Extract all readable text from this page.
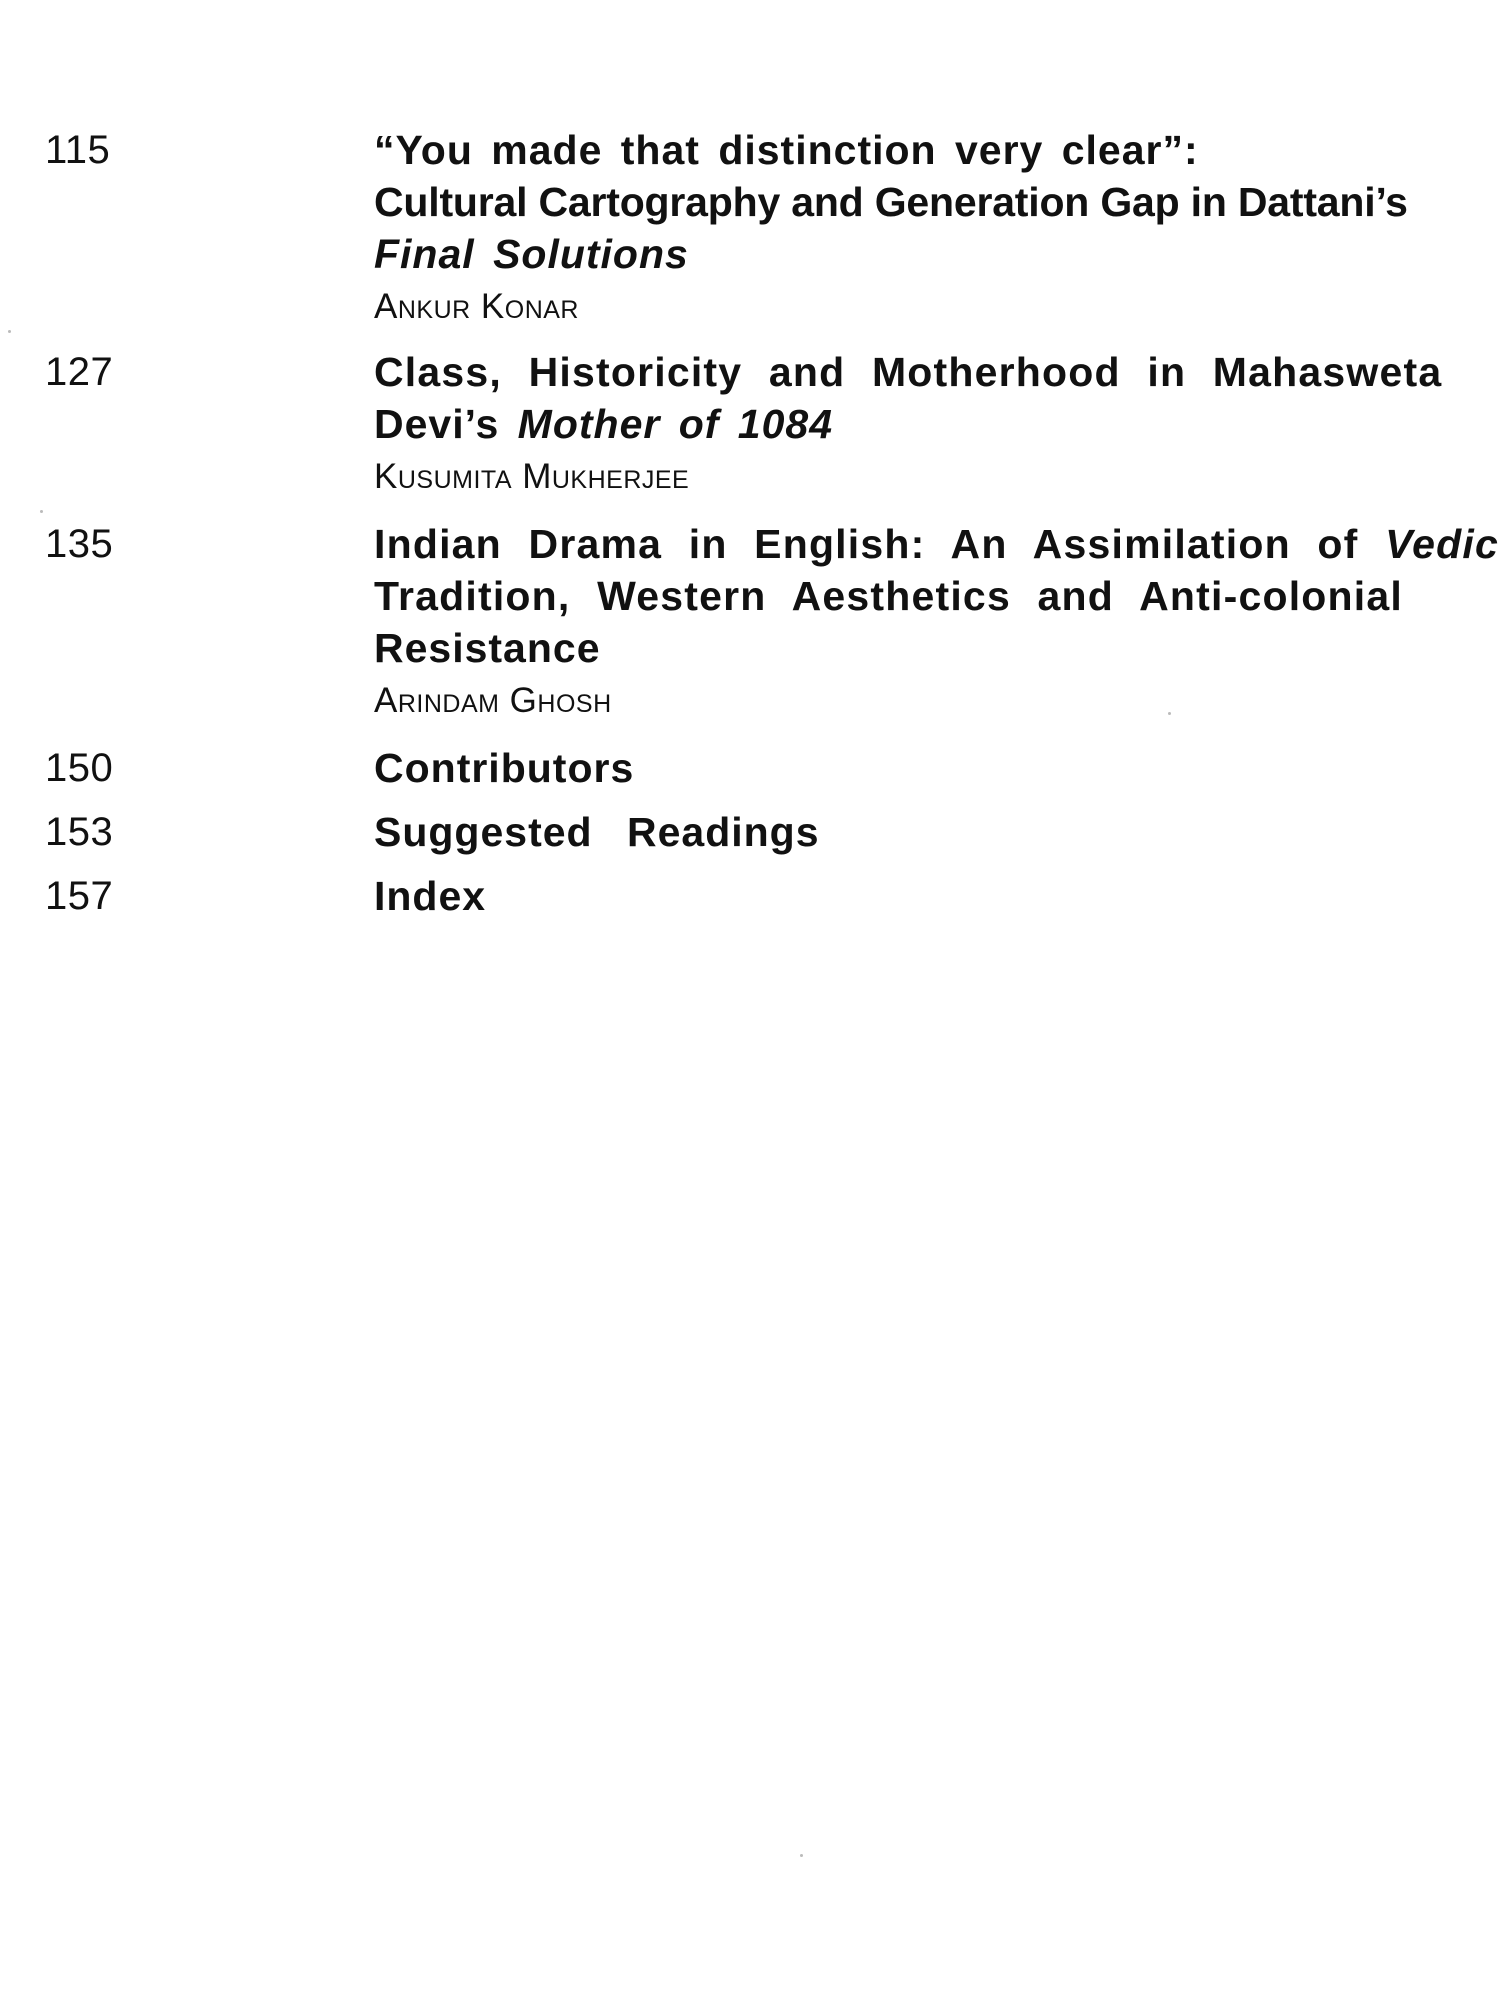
115	“You made that distinction very clear”:
Cultural Cartography and Generation Gap in Dattani’s
Final Solutions
Ankur Konar
127	Class, Historicity and Motherhood in Mahasweta
Devi’s Mother of 1084
Kusumita Mukherjee
135	Indian Drama in English: An Assimilation of Vedic
Tradition, Western Aesthetics and Anti-colonial
Resistance
Arindam Ghosh
150	Contributors
153	Suggested Readings
157	Index
